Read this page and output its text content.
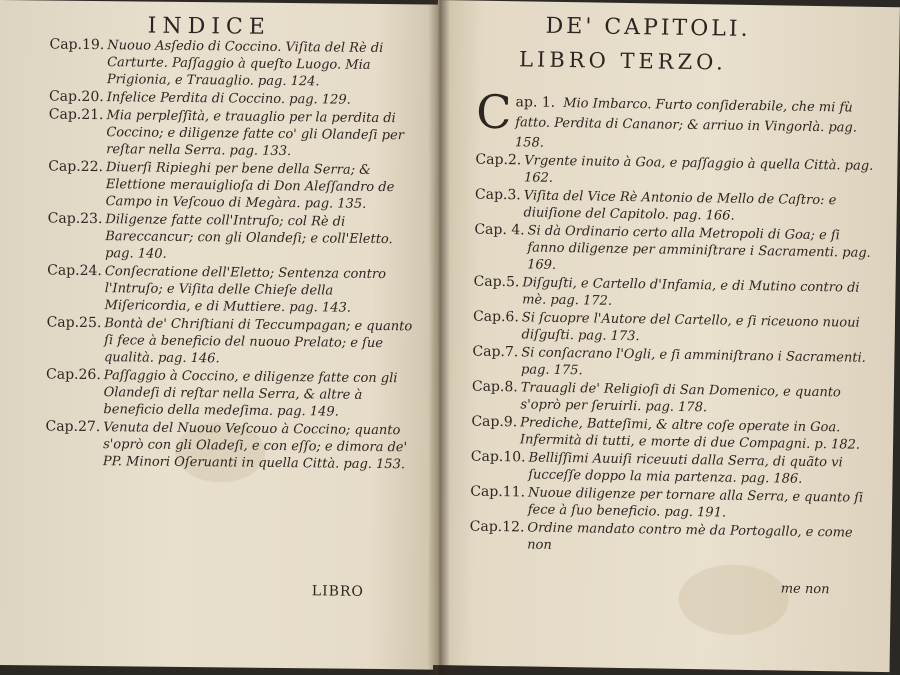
INDICE
Cap.19. Nuouo Asſedio di Coccino. Viſita del Rè di Carturte. Paſſaggio à queſto Luogo. Mia Prigionia, e Trauaglio. pag. 124.
Cap.20. Infelice Perdita di Coccino. pag. 129.
Cap.21. Mia perpleſſità, e trauaglio per la perdita di Coccino; e diligenze fatte co' gli Olandeſi per reſtar nella Serra. pag. 133.
Cap.22. Diuerſi Ripieghi per bene della Serra; & Elettione merauiglioſa di Don Aleſſandro de Campo in Veſcouo di Megàra. pag. 135.
Cap.23. Diligenze fatte coll'Intruſo; col Rè di Bareccancur; con gli Olandeſi; e coll'Eletto. pag. 140.
Cap.24. Conſecratione dell'Eletto; Sentenza contro l'Intruſo; e Viſita delle Chieſe della Miſericordia, e di Muttiere. pag. 143.
Cap.25. Bontà de' Chriſtiani di Teccumpagan; e quanto ſi fece à beneficio del nuouo Prelato; e ſue qualità. pag. 146.
Cap.26. Paſſaggio à Coccino, e diligenze fatte con gli Olandeſi di reſtar nella Serra, & altre à beneficio della medeſima. pag. 149.
Cap.27. Venuta del Nuouo Veſcouo à Coccino; quanto s'oprò con gli Oladeſi, e con eſſo; e dimora de' PP. Minori Oſeruanti in quella Città. pag. 153.
LIBRO
DE' CAPITOLI.
LIBRO TERZO.
C ap. 1. Mio Imbarco. Furto conſiderabile, che mi fù fatto. Perdita di Cananor; & arriuo in Vingorlà. pag. 158.
Cap.2. Vrgente inuito à Goa, e paſſaggio à quella Città. pag. 162.
Cap.3. Viſita del Vice Rè Antonio de Mello de Caſtro: e diuiſione del Capitolo. pag. 166.
Cap. 4. Si dà Ordinario certo alla Metropoli di Goa; e ſi fanno diligenze per amminiſtrare i Sacramenti. pag. 169.
Cap.5. Diſguſti, e Cartello d'Infamia, e di Mutino contro di mè. pag. 172.
Cap.6. Si ſcuopre l'Autore del Cartello, e ſi riceuono nuoui diſguſti. pag. 173.
Cap.7. Si conſacrano l'Ogli, e ſi amminiſtrano i Sacramenti. pag. 175.
Cap.8. Trauagli de' Religioſi di San Domenico, e quanto s'oprò per ſeruirli. pag. 178.
Cap.9. Prediche, Batteſimi, & altre coſe operate in Goa. Infermità di tutti, e morte di due Compagni. p. 182.
Cap.10. Belliſſimi Auuiſi riceuuti dalla Serra, di quãto vi ſucceſſe doppo la mia partenza. pag. 186.
Cap.11. Nuoue diligenze per tornare alla Serra, e quanto ſi fece à ſuo beneficio. pag. 191.
Cap.12. Ordine mandato contro mè da Portogallo, e come non
me non
